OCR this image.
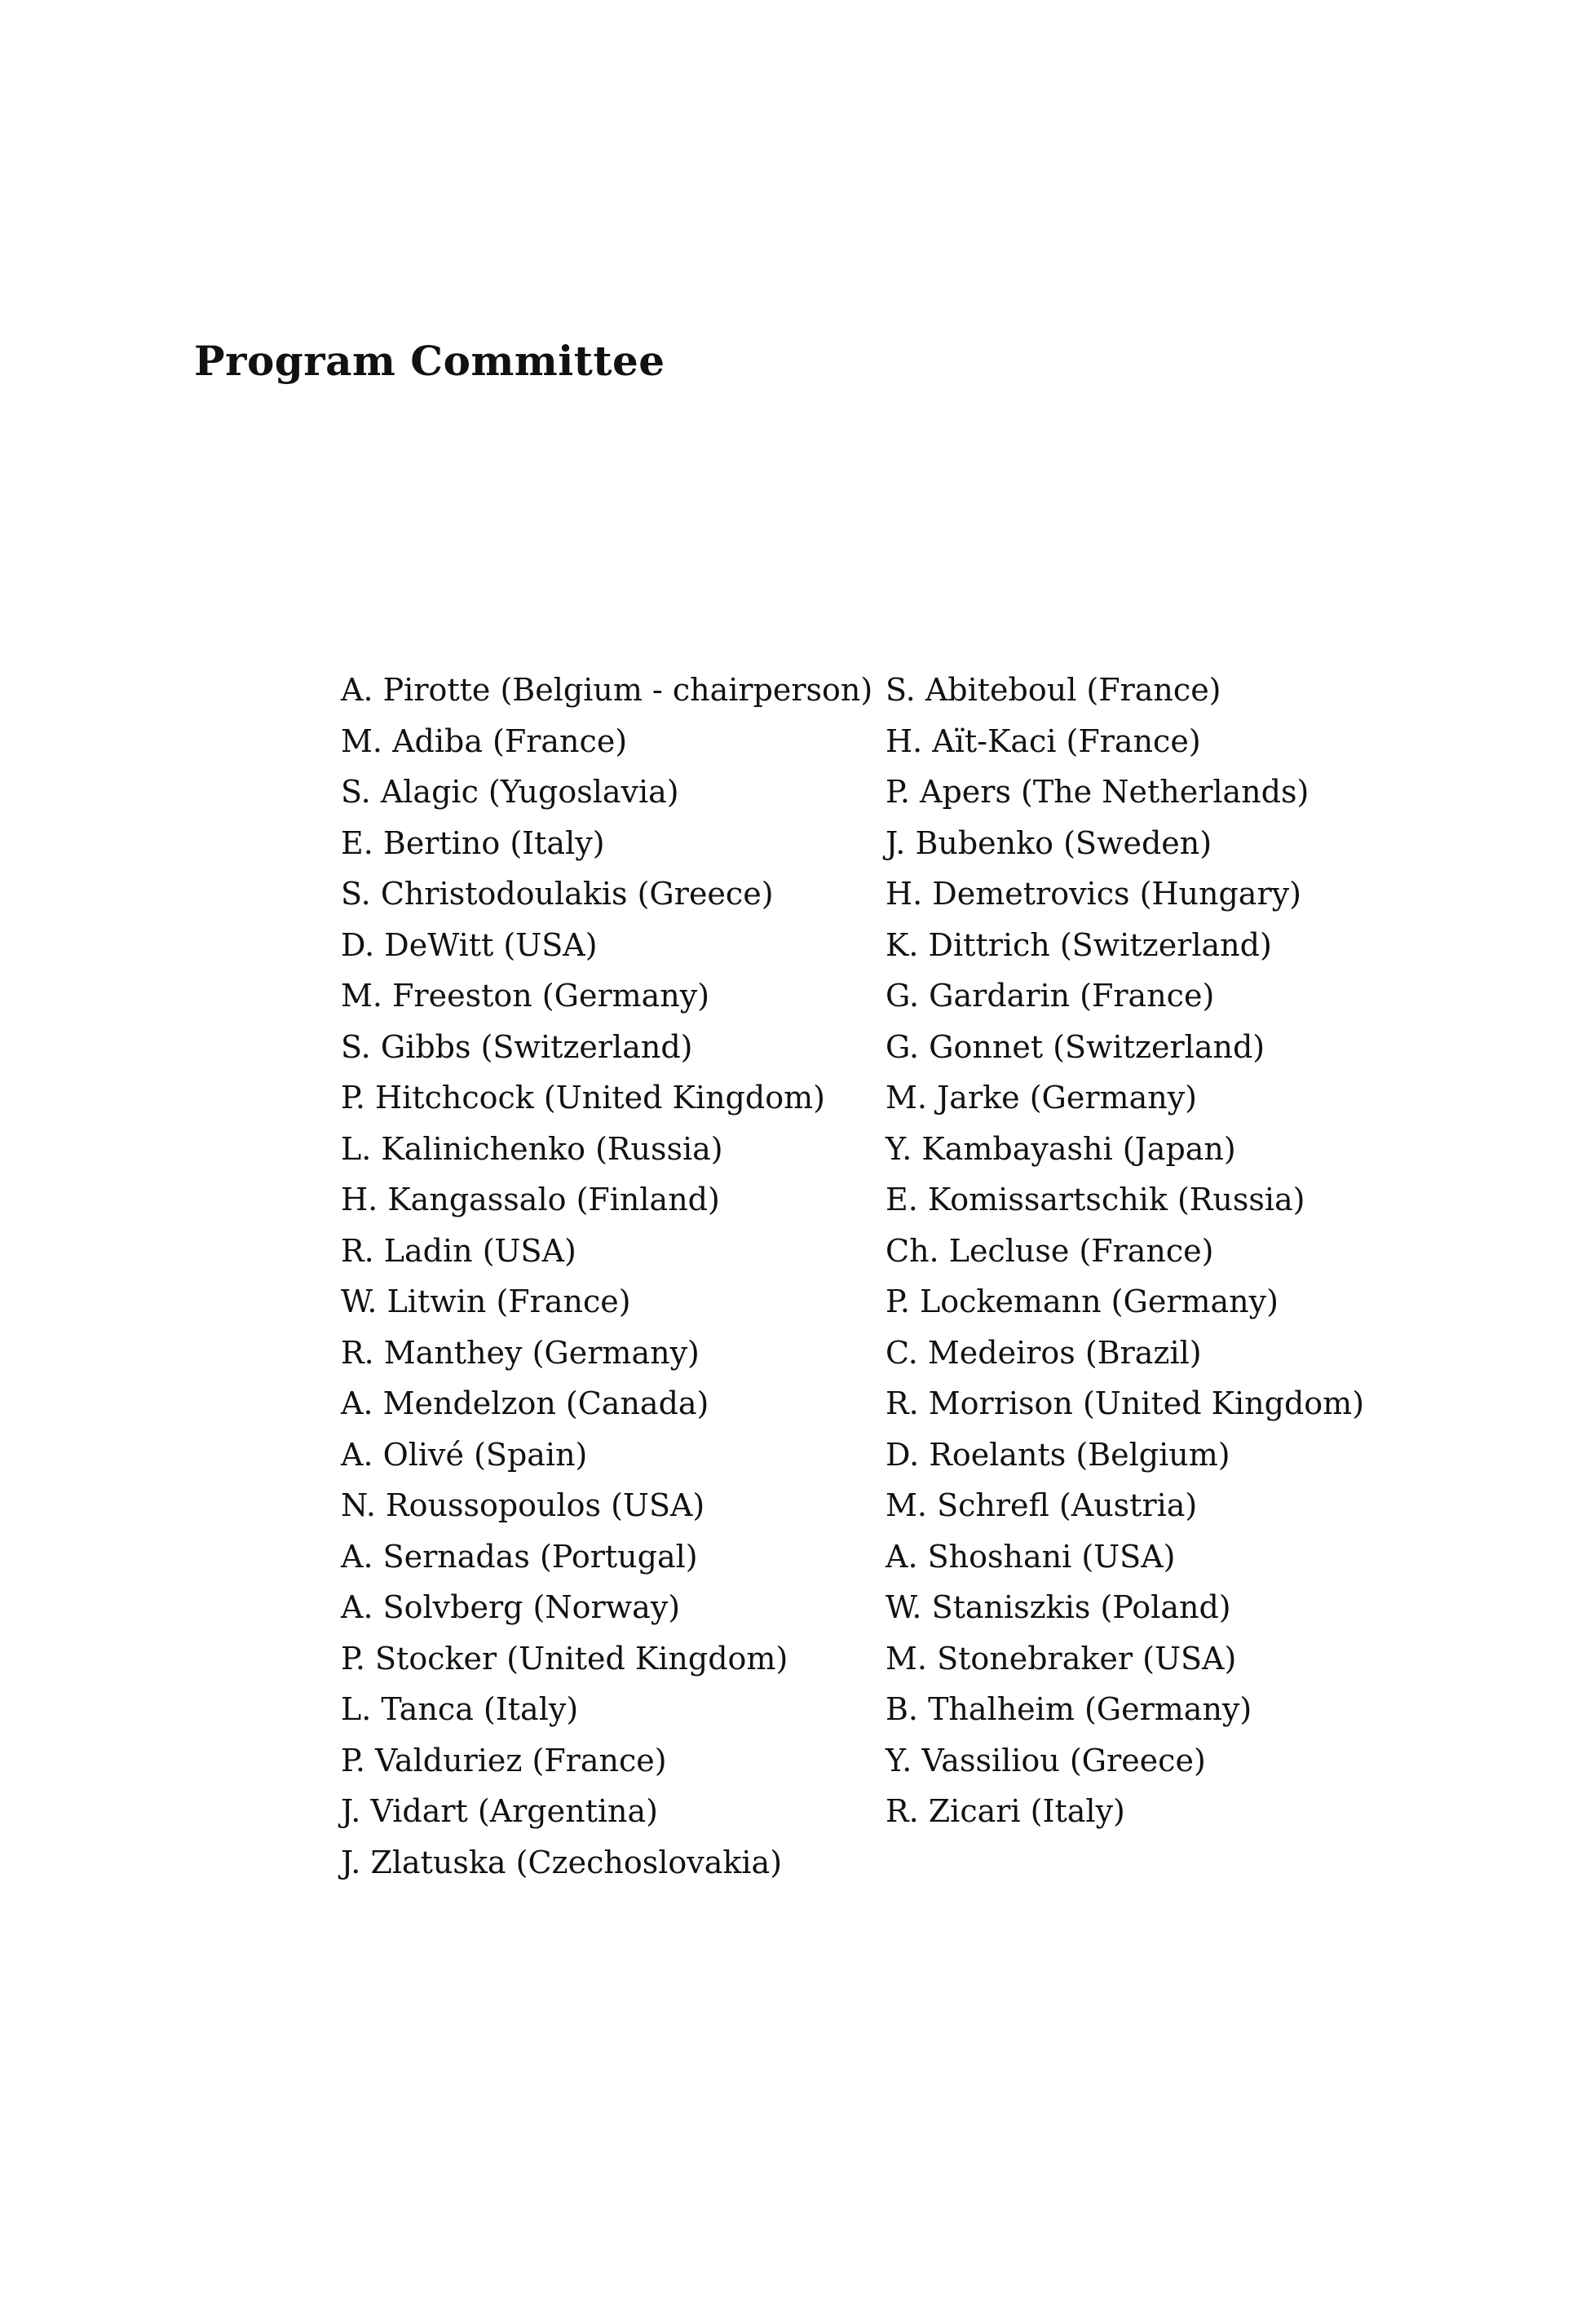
Program Committee
A. Pirotte (Belgium - chairperson)
M. Adiba (France)
S. Alagic (Yugoslavia)
E. Bertino (Italy)
S. Christodoulakis (Greece)
D. DeWitt (USA)
M. Freeston (Germany)
S. Gibbs (Switzerland)
P. Hitchcock (United Kingdom)
L. Kalinichenko (Russia)
H. Kangassalo (Finland)
R. Ladin (USA)
W. Litwin (France)
R. Manthey (Germany)
A. Mendelzon (Canada)
A. Olivé (Spain)
N. Roussopoulos (USA)
A. Sernadas (Portugal)
A. Solvberg (Norway)
P. Stocker (United Kingdom)
L. Tanca (Italy)
P. Valduriez (France)
J. Vidart (Argentina)
J. Zlatuska (Czechoslovakia)
S. Abiteboul (France)
H. Aït-Kaci (France)
P. Apers (The Netherlands)
J. Bubenko (Sweden)
H. Demetrovics (Hungary)
K. Dittrich (Switzerland)
G. Gardarin (France)
G. Gonnet (Switzerland)
M. Jarke (Germany)
Y. Kambayashi (Japan)
E. Komissartschik (Russia)
Ch. Lecluse (France)
P. Lockemann (Germany)
C. Medeiros (Brazil)
R. Morrison (United Kingdom)
D. Roelants (Belgium)
M. Schrefl (Austria)
A. Shoshani (USA)
W. Staniszkis (Poland)
M. Stonebraker (USA)
B. Thalheim (Germany)
Y. Vassiliou (Greece)
R. Zicari (Italy)
